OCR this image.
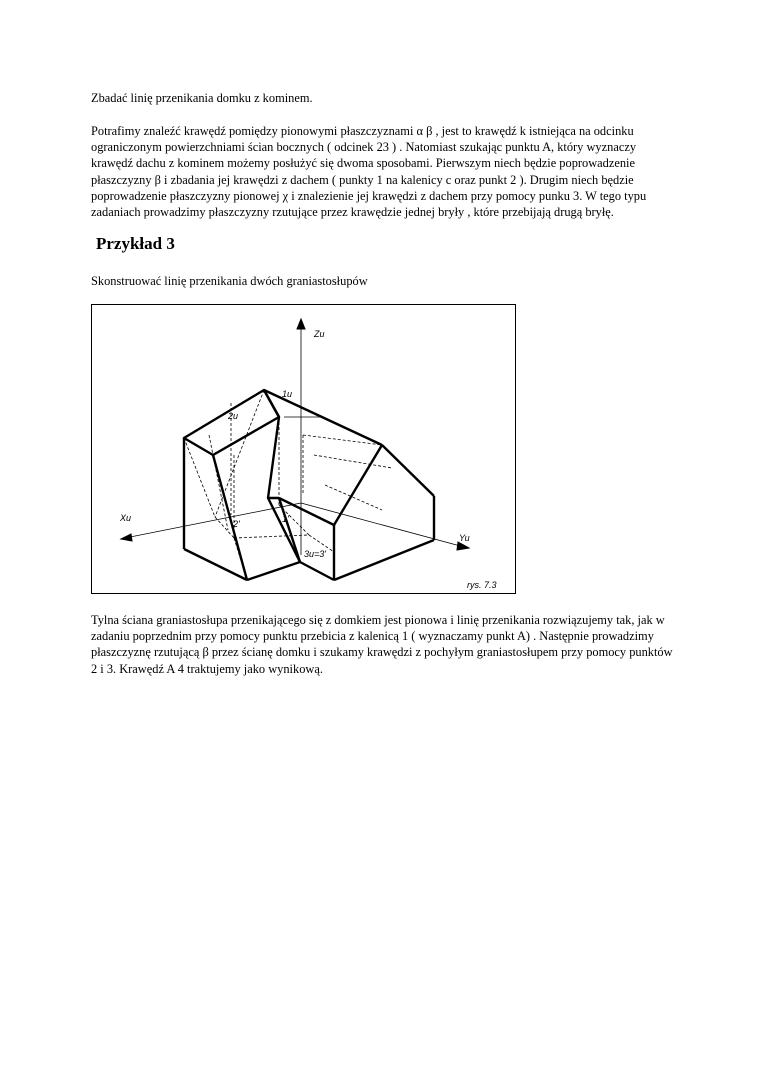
Zbadać linię przenikania domku z kominem.

Potrafimy znaleźć krawędź pomiędzy pionowymi płaszczyznami α β , jest to krawędź k istniejąca na odcinku ograniczonym powierzchniami ścian bocznych ( odcinek 23 ) . Natomiast szukając punktu A, który wyznaczy krawędź dachu z kominem możemy posłużyć się dwoma sposobami. Pierwszym niech będzie poprowadzenie płaszczyzny β i zbadania jej krawędzi z dachem ( punkty 1 na kalenicy c oraz punkt 2 ). Drugim niech będzie poprowadzenie płaszczyzny pionowej χ i znalezienie jej krawędzi z dachem przy pomocy punku 3. W tego typu zadaniach prowadzimy płaszczyzny rzutujące przez krawędzie jednej bryły , które przebijają drugą bryłę.

Przykład 3

Skonstruować linię przenikania dwóch graniastosłupów

Zu
Xu
Yu
1u
2u
1'
2'
3u=3'
rys. 7.3

Tylna ściana graniastosłupa przenikającego się z domkiem jest pionowa i linię przenikania rozwiązujemy tak, jak w zadaniu poprzednim przy pomocy punktu przebicia z kalenicą 1 ( wyznaczamy punkt A) . Następnie prowadzimy płaszczyznę rzutującą β przez ścianę domku i szukamy krawędzi z pochyłym graniastosłupem przy pomocy punktów 2 i 3. Krawędź A 4 traktujemy jako wynikową.
